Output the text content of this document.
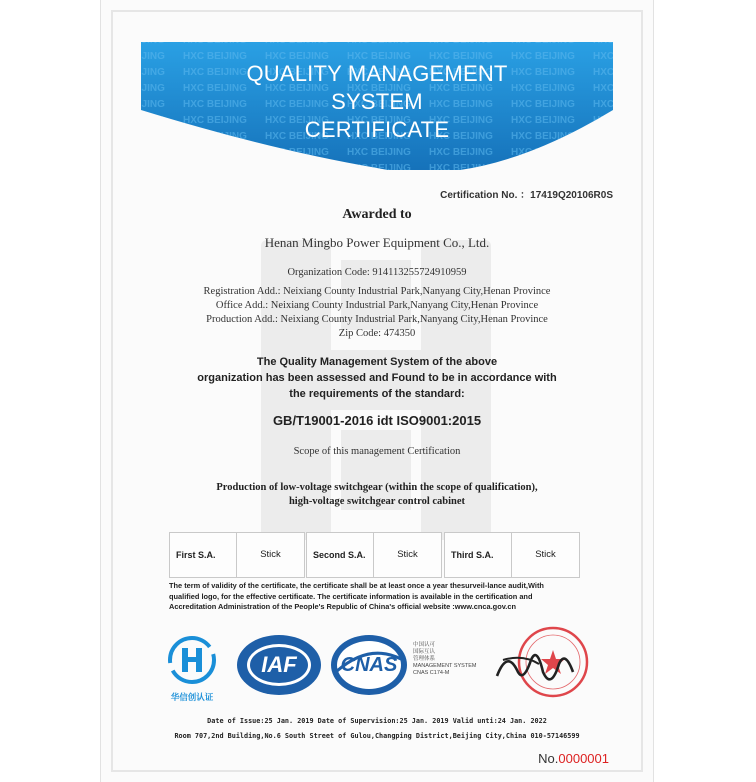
QUALITY MANAGEMENT
SYSTEM
CERTIFICATE
Certification No. ：17419Q20106R0S
Awarded to
Henan Mingbo Power Equipment Co., Ltd.
Organization Code: 914113255724910959
Registration Add.: Neixiang County Industrial Park,Nanyang City,Henan Province
Office Add.: Neixiang County Industrial Park,Nanyang City,Henan Province
Production Add.: Neixiang County Industrial Park,Nanyang City,Henan Province
Zip Code: 474350
The Quality Management System of the above
organization has been assessed and Found to be in accordance with
the requirements of the standard:
GB/T19001-2016 idt ISO9001:2015
Scope of this management Certification
Production of low-voltage switchgear (within the scope of qualification),
high-voltage switchgear control cabinet
First S.A.	Stick	Second S.A.	Stick	Third S.A.	Stick
The term of validity of the certificate, the certificate shall be at least once a year thesurveil-lance audit,With
qualified logo, for the effective certificate. The certificate information is available in the certification and
Accreditation Administration of the People's Republic of China's official website :www.cnca.gov.cn
华信创认证
IAF	CNAS
中国认可
国际互认
管理体系
MANAGEMENT SYSTEM
CNAS C174-M
Date of Issue:25 Jan. 2019 Date of Supervision:25 Jan. 2019 Valid unti:24 Jan. 2022
Room 707,2nd Building,No.6 South Street of Gulou,Changping District,Beijing City,China 010-57146599
No.0000001
